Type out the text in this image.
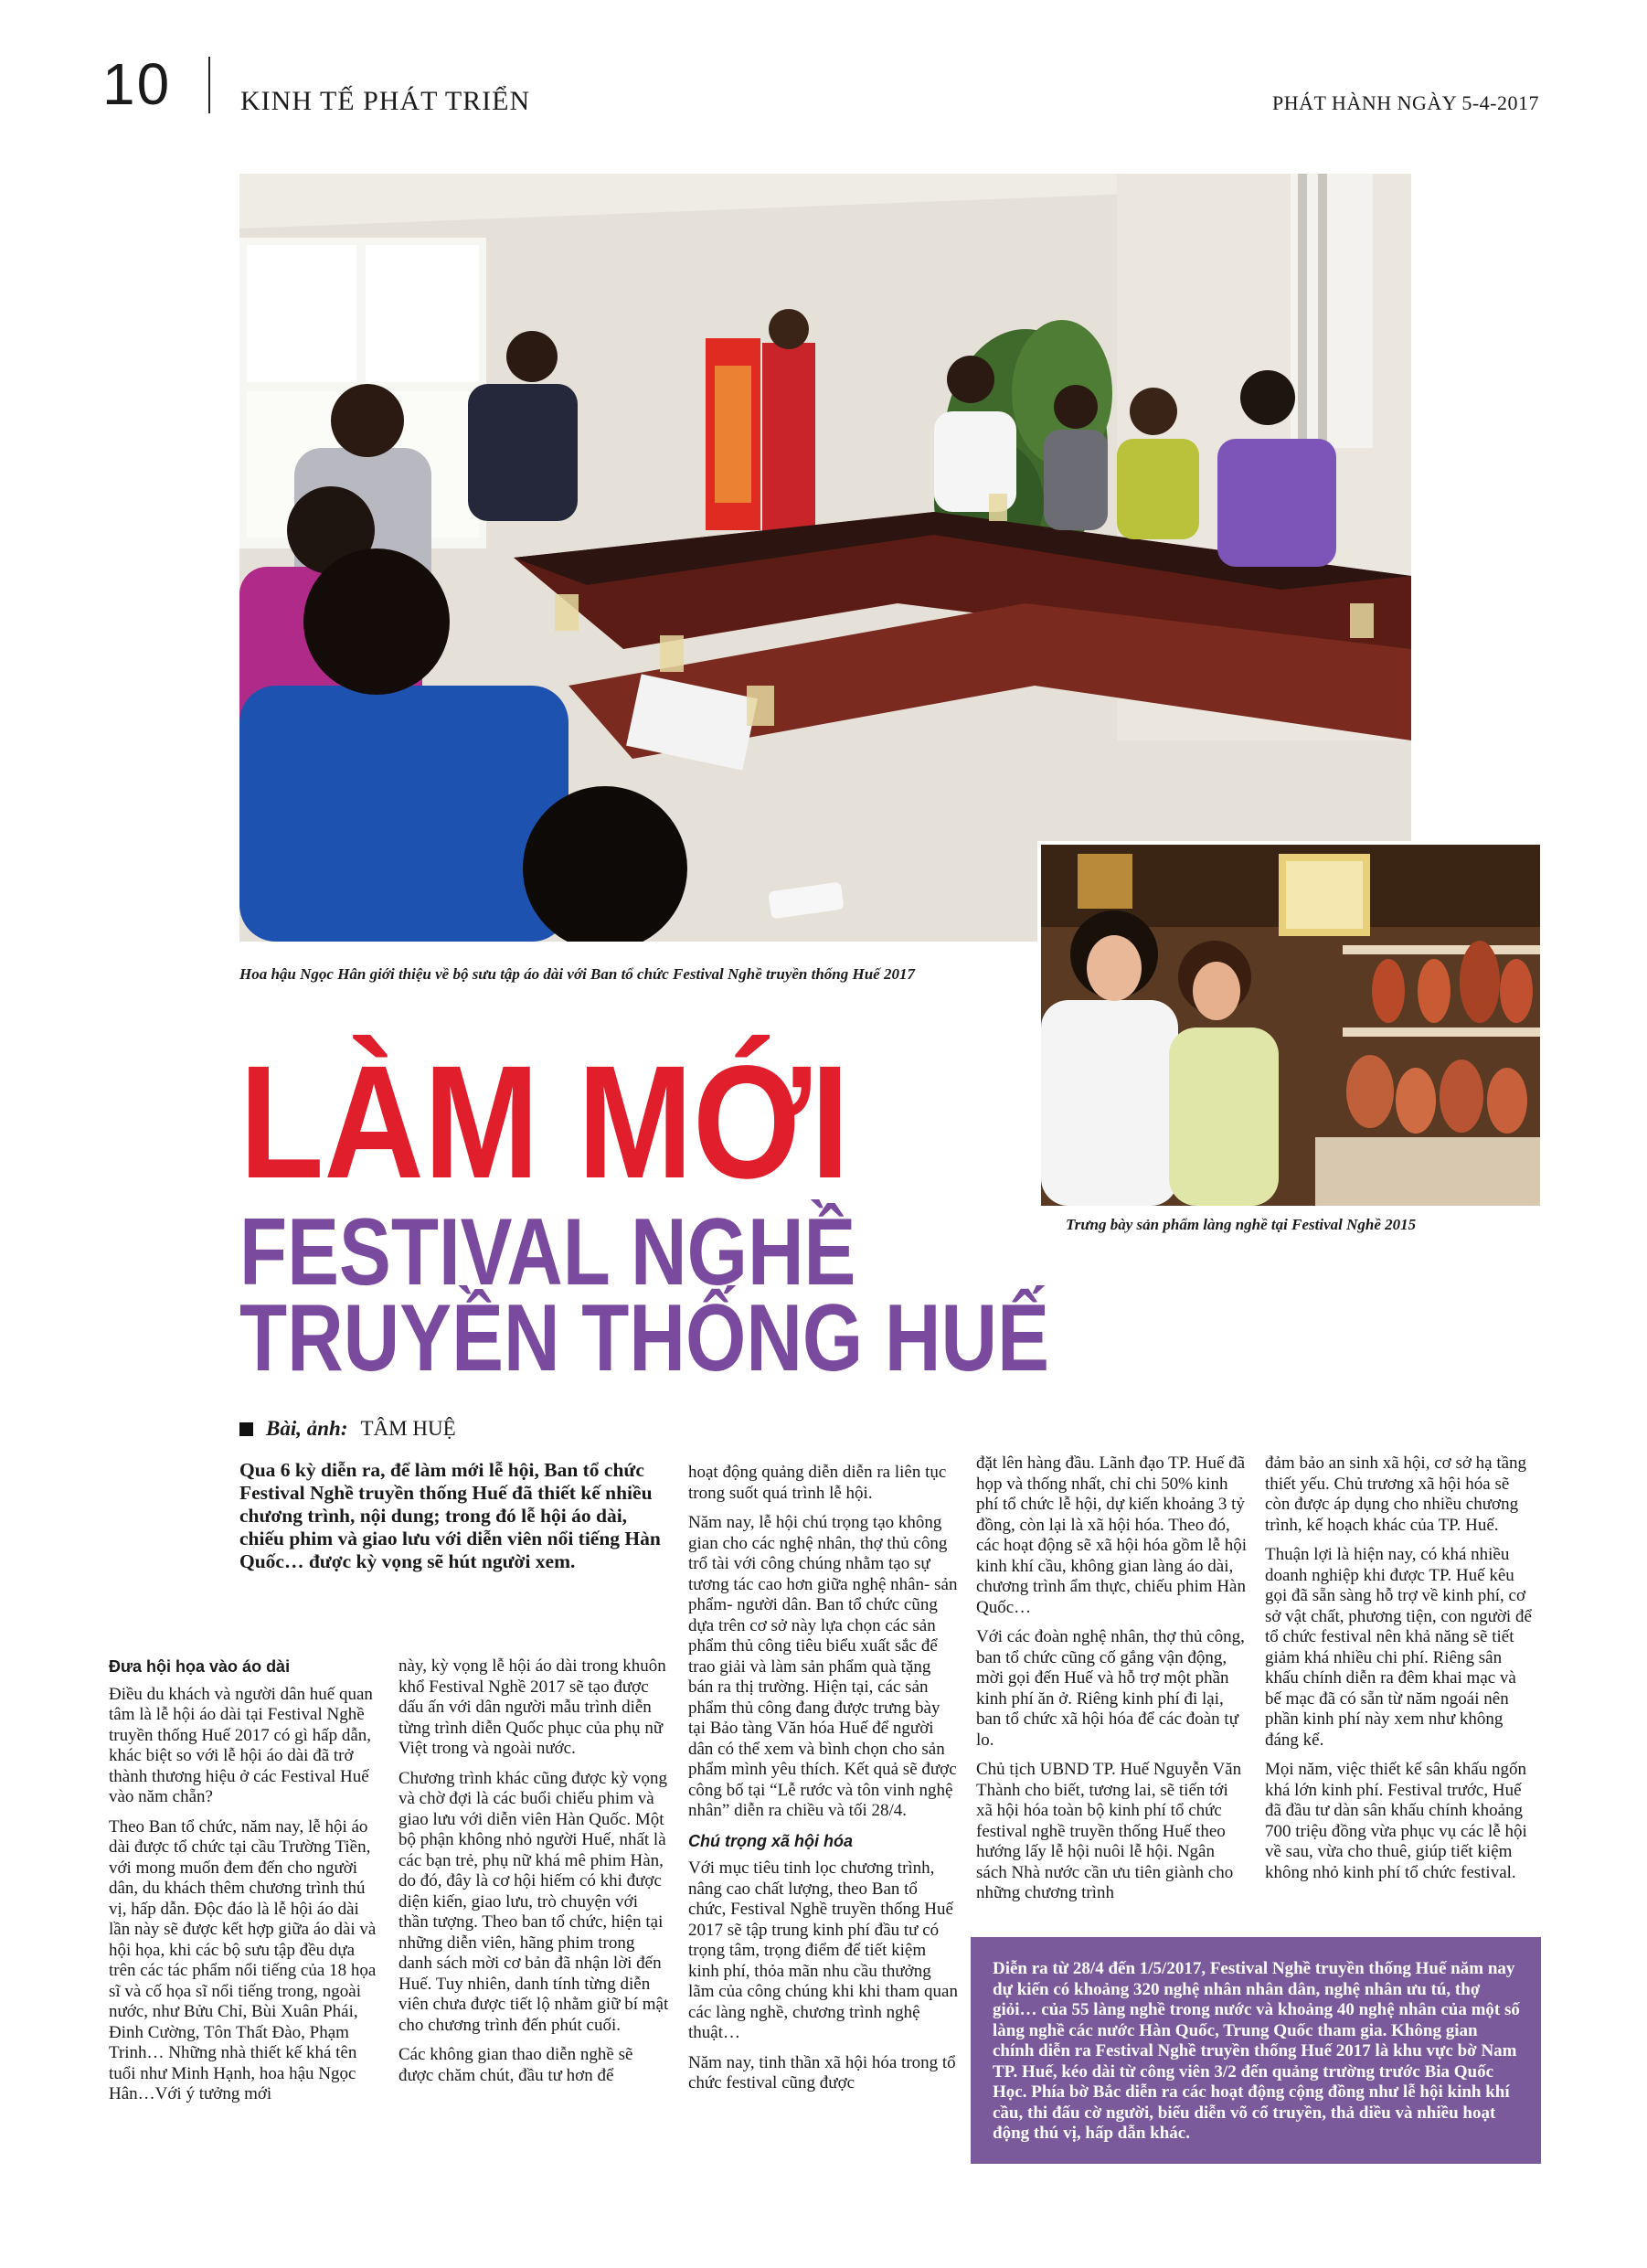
10	KINH TẾ PHÁT TRIỂN	PHÁT HÀNH NGÀY 5-4-2017
Hoa hậu Ngọc Hân giới thiệu về bộ sưu tập áo dài với Ban tổ chức Festival Nghề truyền thống Huế 2017
Trưng bày sản phẩm làng nghề tại Festival Nghề 2015
LÀM MỚI
FESTIVAL NGHỀ
TRUYỀN THỐNG HUẾ
Bài, ảnh: TÂM HUỆ

Qua 6 kỳ diễn ra, để làm mới lễ hội, Ban tổ chức Festival Nghề truyền thống Huế đã thiết kế nhiều chương trình, nội dung; trong đó lễ hội áo dài, chiếu phim và giao lưu với diễn viên nổi tiếng Hàn Quốc… được kỳ vọng sẽ hút người xem.

Đưa hội họa vào áo dài

Điều du khách và người dân huế quan tâm là lễ hội áo dài tại Festival Nghề truyền thống Huế 2017 có gì hấp dẫn, khác biệt so với lễ hội áo dài đã trở thành thương hiệu ở các Festival Huế vào năm chẵn?

Theo Ban tổ chức, năm nay, lễ hội áo dài được tổ chức tại cầu Trường Tiền, với mong muốn đem đến cho người dân, du khách thêm chương trình thú vị, hấp dẫn. Độc đáo là lễ hội áo dài lần này sẽ được kết hợp giữa áo dài và hội họa, khi các bộ sưu tập đều dựa trên các tác phẩm nổi tiếng của 18 họa sĩ và cố họa sĩ nổi tiếng trong, ngoài nước, như Bửu Chỉ, Bùi Xuân Phái, Đinh Cường, Tôn Thất Đào, Phạm Trinh… Những nhà thiết kế khá tên tuổi như Minh Hạnh, hoa hậu Ngọc Hân…Với ý tưởng mới

này, kỳ vọng lễ hội áo dài trong khuôn khổ Festival Nghề 2017 sẽ tạo được dấu ấn với dân người mẫu trình diễn từng trình diễn Quốc phục của phụ nữ Việt trong và ngoài nước.

Chương trình khác cũng được kỳ vọng và chờ đợi là các buổi chiếu phim và giao lưu với diễn viên Hàn Quốc. Một bộ phận không nhỏ người Huế, nhất là các bạn trẻ, phụ nữ khá mê phim Hàn, do đó, đây là cơ hội hiếm có khi được diện kiến, giao lưu, trò chuyện với thần tượng. Theo ban tổ chức, hiện tại những diễn viên, hãng phim trong danh sách mời cơ bản đã nhận lời đến Huế. Tuy nhiên, danh tính từng diễn viên chưa được tiết lộ nhằm giữ bí mật cho chương trình đến phút cuối.

Các không gian thao diễn nghề sẽ được chăm chút, đầu tư hơn để

hoạt động quảng diễn diễn ra liên tục trong suốt quá trình lễ hội.

Năm nay, lễ hội chú trọng tạo không gian cho các nghệ nhân, thợ thủ công trổ tài với công chúng nhằm tạo sự tương tác cao hơn giữa nghệ nhân- sản phẩm- người dân. Ban tổ chức cũng dựa trên cơ sở này lựa chọn các sản phẩm thủ công tiêu biểu xuất sắc để trao giải và làm sản phẩm quà tặng bán ra thị trường. Hiện tại, các sản phẩm thủ công đang được trưng bày tại Bảo tàng Văn hóa Huế để người dân có thể xem và bình chọn cho sản phẩm mình yêu thích. Kết quả sẽ được công bố tại “Lễ rước và tôn vinh nghệ nhân” diễn ra chiều và tối 28/4.

Chú trọng xã hội hóa

Với mục tiêu tinh lọc chương trình, nâng cao chất lượng, theo Ban tổ chức, Festival Nghề truyền thống Huế 2017 sẽ tập trung kinh phí đầu tư có trọng tâm, trọng điểm để tiết kiệm kinh phí, thỏa mãn nhu cầu thưởng lãm của công chúng khi khi tham quan các làng nghề, chương trình nghệ thuật…

Năm nay, tinh thần xã hội hóa trong tổ chức festival cũng được

đặt lên hàng đầu. Lãnh đạo TP. Huế đã họp và thống nhất, chỉ chi 50% kinh phí tổ chức lễ hội, dự kiến khoảng 3 tỷ đồng, còn lại là xã hội hóa. Theo đó, các hoạt động sẽ xã hội hóa gồm lễ hội kinh khí cầu, không gian làng áo dài, chương trình ẩm thực, chiếu phim Hàn Quốc…

Với các đoàn nghệ nhân, thợ thủ công, ban tổ chức cũng cố gắng vận động, mời gọi đến Huế và hỗ trợ một phần kinh phí ăn ở. Riêng kinh phí đi lại, ban tổ chức xã hội hóa để các đoàn tự lo.

Chủ tịch UBND TP. Huế Nguyễn Văn Thành cho biết, tương lai, sẽ tiến tới xã hội hóa toàn bộ kinh phí tổ chức festival nghề truyền thống Huế theo hướng lấy lễ hội nuôi lễ hội. Ngân sách Nhà nước cần ưu tiên giành cho những chương trình

đảm bảo an sinh xã hội, cơ sở hạ tầng thiết yếu. Chủ trương xã hội hóa sẽ còn được áp dụng cho nhiều chương trình, kế hoạch khác của TP. Huế.

Thuận lợi là hiện nay, có khá nhiều doanh nghiệp khi được TP. Huế kêu gọi đã sẵn sàng hỗ trợ về kinh phí, cơ sở vật chất, phương tiện, con người để tổ chức festival nên khả năng sẽ tiết giảm khá nhiều chi phí. Riêng sân khấu chính diễn ra đêm khai mạc và bế mạc đã có sẵn từ năm ngoái nên phần kinh phí này xem như không đáng kể.

Mọi năm, việc thiết kế sân khấu ngốn khá lớn kinh phí. Festival trước, Huế đã đầu tư dàn sân khấu chính khoảng 700 triệu đồng vừa phục vụ các lễ hội về sau, vừa cho thuê, giúp tiết kiệm không nhỏ kinh phí tổ chức festival.

Diễn ra từ 28/4 đến 1/5/2017, Festival Nghề truyền thống Huế năm nay dự kiến có khoảng 320 nghệ nhân nhân dân, nghệ nhân ưu tú, thợ giỏi… của 55 làng nghề trong nước và khoảng 40 nghệ nhân của một số làng nghề các nước Hàn Quốc, Trung Quốc tham gia. Không gian chính diễn ra Festival Nghề truyền thống Huế 2017 là khu vực bờ Nam TP. Huế, kéo dài từ công viên 3/2 đến quảng trường trước Bia Quốc Học. Phía bờ Bắc diễn ra các hoạt động cộng đồng như lễ hội kinh khí cầu, thi đấu cờ người, biểu diễn võ cổ truyền, thả diều và nhiều hoạt động thú vị, hấp dẫn khác.
